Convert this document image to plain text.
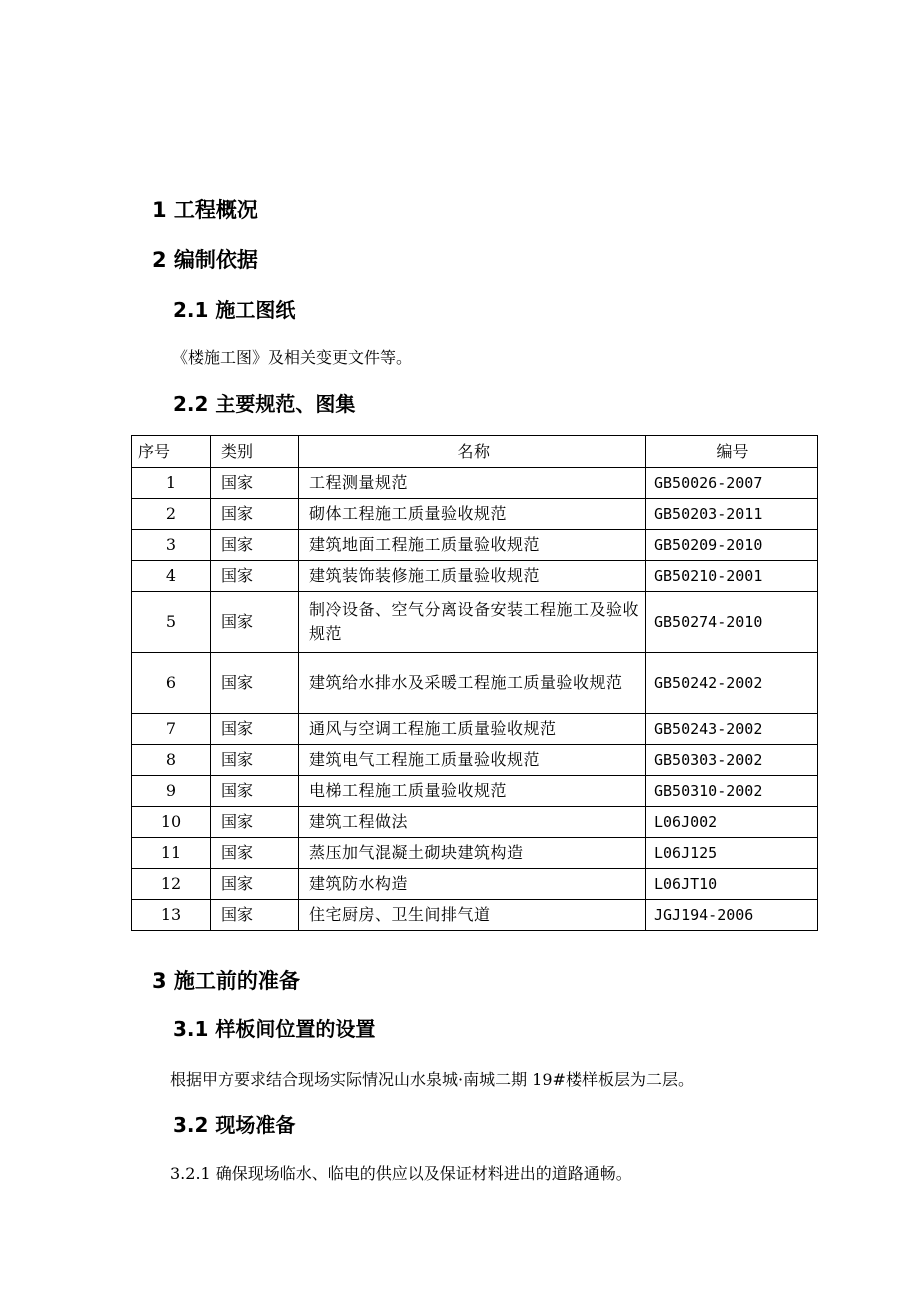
1 工程概况
2 编制依据
2.1 施工图纸
《楼施工图》及相关变更文件等。
2.2 主要规范、图集
序号	类别	名称	编号
1	国家	工程测量规范	GB50026-2007
2	国家	砌体工程施工质量验收规范	GB50203-2011
3	国家	建筑地面工程施工质量验收规范	GB50209-2010
4	国家	建筑装饰装修施工质量验收规范	GB50210-2001
5	国家	制冷设备、空气分离设备安装工程施工及验收规范	GB50274-2010
6	国家	建筑给水排水及采暖工程施工质量验收规范	GB50242-2002
7	国家	通风与空调工程施工质量验收规范	GB50243-2002
8	国家	建筑电气工程施工质量验收规范	GB50303-2002
9	国家	电梯工程施工质量验收规范	GB50310-2002
10	国家	建筑工程做法	L06J002
11	国家	蒸压加气混凝土砌块建筑构造	L06J125
12	国家	建筑防水构造	L06JT10
13	国家	住宅厨房、卫生间排气道	JGJ194-2006
3 施工前的准备
3.1 样板间位置的设置
根据甲方要求结合现场实际情况山水泉城·南城二期 19#楼样板层为二层。
3.2 现场准备
3.2.1 确保现场临水、临电的供应以及保证材料进出的道路通畅。
